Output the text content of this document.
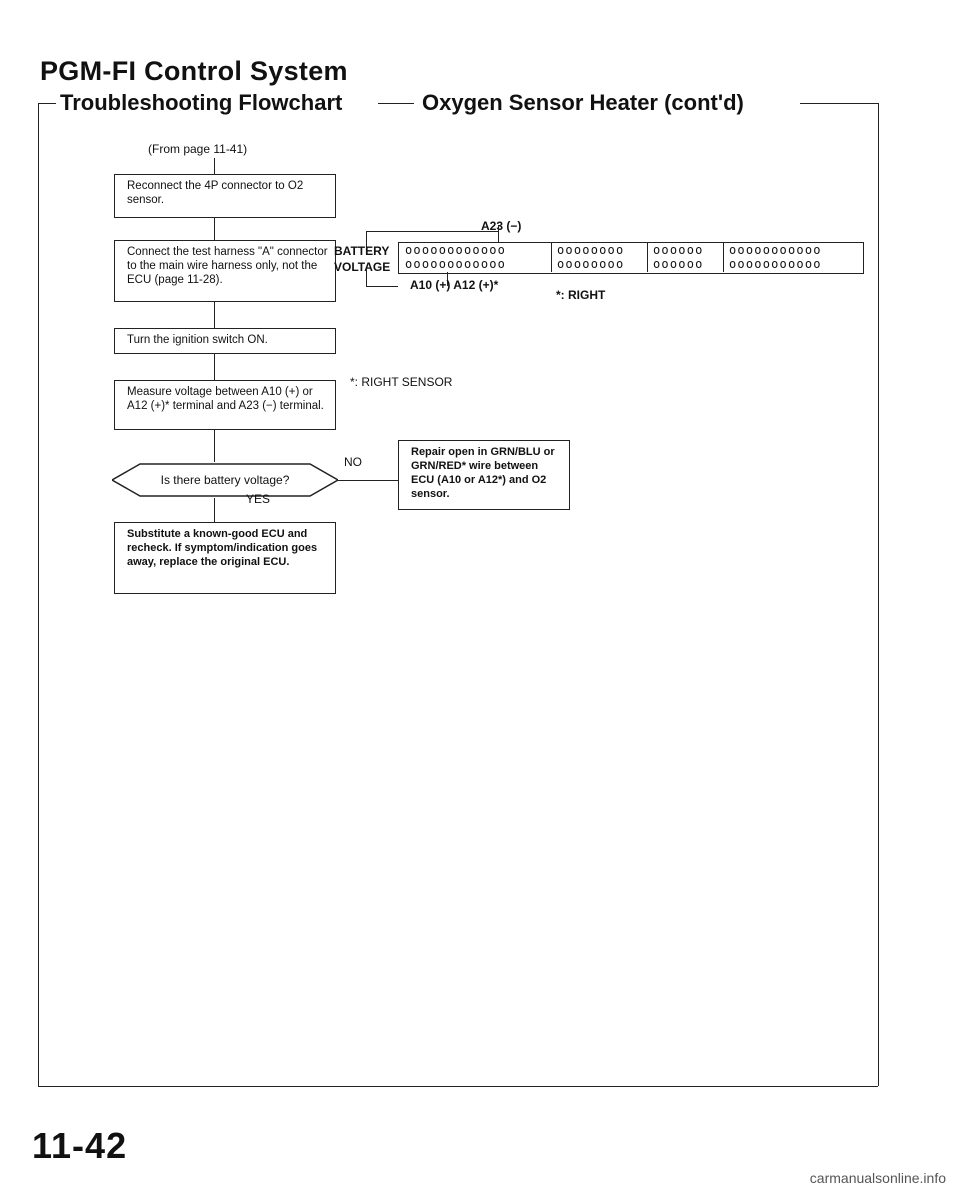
PGM-FI Control System
Troubleshooting Flowchart	Oxygen Sensor Heater (cont'd)
(From page 11-41)
Reconnect the 4P connector to O2 sensor.
Connect the test harness "A" connector to the main wire harness only, not the ECU (page 11-28).
Turn the ignition switch ON.
Measure voltage between A10 (+) or A12 (+)* terminal and A23 (−) terminal.
Is there battery voltage?
YES
NO
Repair open in GRN/BLU or GRN/RED* wire between ECU (A10 or A12*) and O2 sensor.
Substitute a known-good ECU and recheck. If symptom/indication goes away, replace the original ECU.
*: RIGHT SENSOR
A23 (−)
BATTERY
VOLTAGE
oooooooooooo	oooooooo oooooo ooooooooooo
oooooooooooo	oooooooo oooooo ooooooooooo
A10 (+) A12 (+)*
*: RIGHT
11-42
carmanualsonline.info
